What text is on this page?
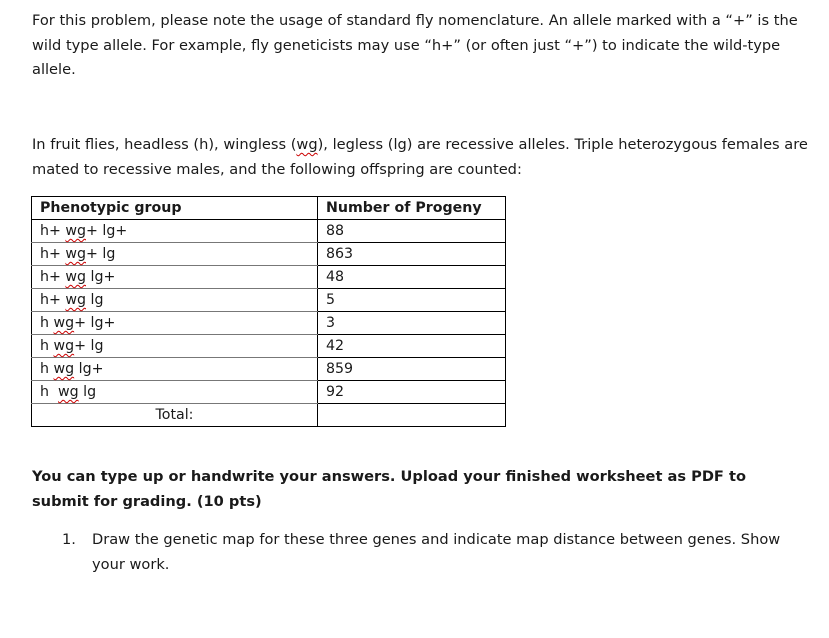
For this problem, please note the usage of standard fly nomenclature. An allele marked with a “+” is the wild type allele. For example, fly geneticists may use “h+” (or often just “+”) to indicate the wild-type allele.
In fruit flies, headless (h), wingless (wg), legless (lg) are recessive alleles. Triple heterozygous females are mated to recessive males, and the following offspring are counted:
Phenotypic group	Number of Progeny
h+ wg+ lg+	88
h+ wg+ lg	863
h+ wg lg+	48
h+ wg lg	5
h wg+ lg+	3
h wg+ lg	42
h wg lg+	859
h  wg lg	92
Total:	
You can type up or handwrite your answers. Upload your finished worksheet as PDF to submit for grading. (10 pts)
1. Draw the genetic map for these three genes and indicate map distance between genes. Show your work.
